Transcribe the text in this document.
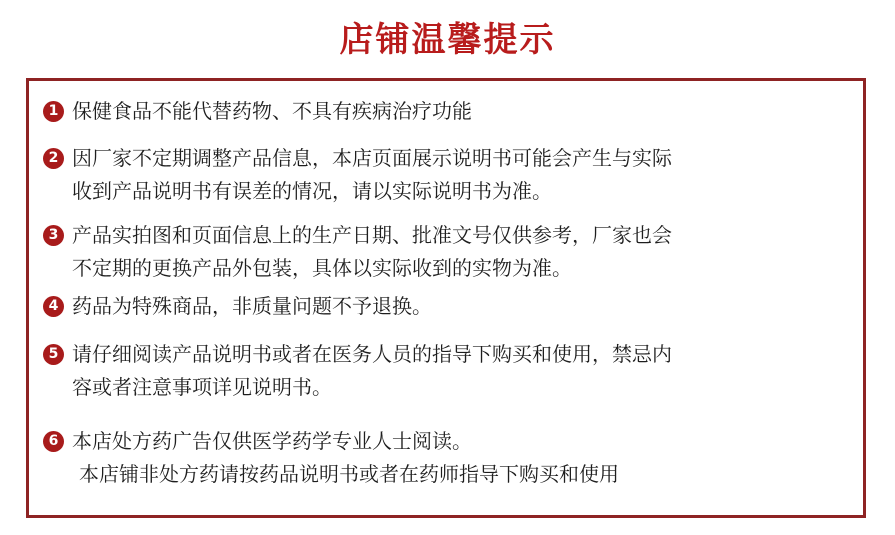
店铺温馨提示
1 保健食品不能代替药物、不具有疾病治疗功能
2 因厂家不定期调整产品信息，本店页面展示说明书可能会产生与实际
收到产品说明书有误差的情况，请以实际说明书为准。
3 产品实拍图和页面信息上的生产日期、批准文号仅供参考，厂家也会
不定期的更换产品外包装，具体以实际收到的实物为准。
4 药品为特殊商品，非质量问题不予退换。
5 请仔细阅读产品说明书或者在医务人员的指导下购买和使用，禁忌内
容或者注意事项详见说明书。
6 本店处方药广告仅供医学药学专业人士阅读。
本店铺非处方药请按药品说明书或者在药师指导下购买和使用
